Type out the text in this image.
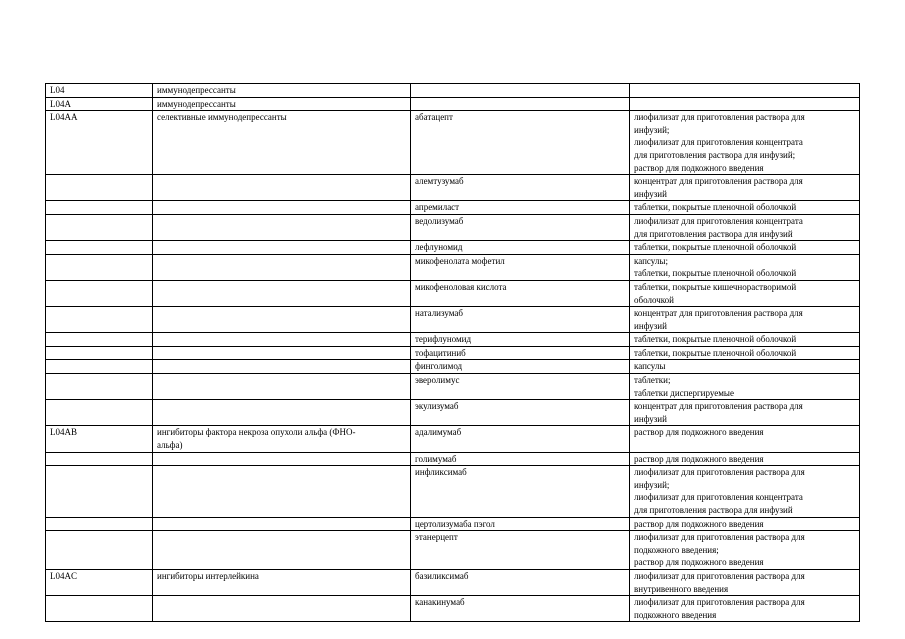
L04	иммунодепрессанты		
L04A	иммунодепрессанты		
L04AA	селективные иммунодепрессанты	абатацепт	лиофилизат для приготовления раствора для
инфузий;
лиофилизат для приготовления концентрата
для приготовления раствора для инфузий;
раствор для подкожного введения
		алемтузумаб	концентрат для приготовления раствора для
инфузий
		апремиласт	таблетки, покрытые пленочной оболочкой
		ведолизумаб	лиофилизат для приготовления концентрата
для приготовления раствора для инфузий
		лефлуномид	таблетки, покрытые пленочной оболочкой
		микофенолата мофетил	капсулы;
таблетки, покрытые пленочной оболочкой
		микофеноловая кислота	таблетки, покрытые кишечнорастворимой
оболочкой
		натализумаб	концентрат для приготовления раствора для
инфузий
		терифлуномид	таблетки, покрытые пленочной оболочкой
		тофацитиниб	таблетки, покрытые пленочной оболочкой
		финголимод	капсулы
		эверолимус	таблетки;
таблетки диспергируемые
		экулизумаб	концентрат для приготовления раствора для
инфузий
L04AB	ингибиторы фактора некроза опухоли альфа (ФНО-
альфа)	адалимумаб	раствор для подкожного введения
		голимумаб	раствор для подкожного введения
		инфликсимаб	лиофилизат для приготовления раствора для
инфузий;
лиофилизат для приготовления концентрата
для приготовления раствора для инфузий
		цертолизумаба пэгол	раствор для подкожного введения
		этанерцепт	лиофилизат для приготовления раствора для
подкожного введения;
раствор для подкожного введения
L04AC	ингибиторы интерлейкина	базиликсимаб	лиофилизат для приготовления раствора для
внутривенного введения
		канакинумаб	лиофилизат для приготовления раствора для
подкожного введения
